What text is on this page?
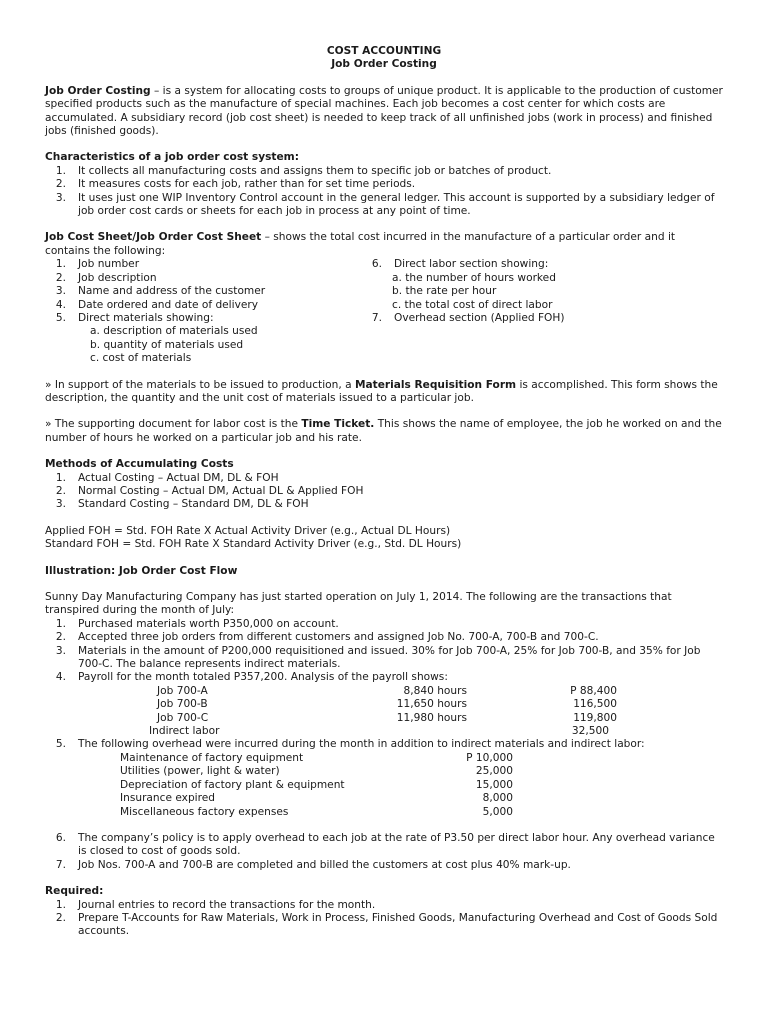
COST ACCOUNTING
Job Order Costing
Job Order Costing – is a system for allocating costs to groups of unique product. It is applicable to the production of customer specified products such as the manufacture of special machines. Each job becomes a cost center for which costs are accumulated. A subsidiary record (job cost sheet) is needed to keep track of all unfinished jobs (work in process) and finished jobs (finished goods).
Characteristics of a job order cost system:
1.	It collects all manufacturing costs and assigns them to specific job or batches of product.
2.	It measures costs for each job, rather than for set time periods.
3.	It uses just one WIP Inventory Control account in the general ledger. This account is supported by a subsidiary ledger of job order cost cards or sheets for each job in process at any point of time.
Job Cost Sheet/Job Order Cost Sheet – shows the total cost incurred in the manufacture of a particular order and it contains the following:
1.	Job number
2.	Job description
3.	Name and address of the customer
4.	Date ordered and date of delivery
5.	Direct materials showing:
a. description of materials used
b. quantity of materials used
c. cost of materials
6.	Direct labor section showing:
a. the number of hours worked
b. the rate per hour
c. the total cost of direct labor
7.	Overhead section (Applied FOH)
» In support of the materials to be issued to production, a Materials Requisition Form is accomplished. This form shows the description, the quantity and the unit cost of materials issued to a particular job.
» The supporting document for labor cost is the Time Ticket. This shows the name of employee, the job he worked on and the number of hours he worked on a particular job and his rate.
Methods of Accumulating Costs
1.	Actual Costing – Actual DM, DL & FOH
2.	Normal Costing – Actual DM, Actual DL & Applied FOH
3.	Standard Costing – Standard DM, DL & FOH
Applied FOH = Std. FOH Rate X Actual Activity Driver (e.g., Actual DL Hours)
Standard FOH = Std. FOH Rate X Standard Activity Driver (e.g., Std. DL Hours)
Illustration: Job Order Cost Flow
Sunny Day Manufacturing Company has just started operation on July 1, 2014. The following are the transactions that transpired during the month of July:
1.	Purchased materials worth P350,000 on account.
2.	Accepted three job orders from different customers and assigned Job No. 700-A, 700-B and 700-C.
3.	Materials in the amount of P200,000 requisitioned and issued. 30% for Job 700-A, 25% for Job 700-B, and 35% for Job 700-C. The balance represents indirect materials.
4.	Payroll for the month totaled P357,200. Analysis of the payroll shows:
Job 700-A	8,840 hours	P 88,400
Job 700-B	11,650 hours	116,500
Job 700-C	11,980 hours	119,800
Indirect labor	32,500
5.	The following overhead were incurred during the month in addition to indirect materials and indirect labor:
Maintenance of factory equipment	P 10,000
Utilities (power, light & water)	25,000
Depreciation of factory plant & equipment	15,000
Insurance expired	8,000
Miscellaneous factory expenses	5,000
6.	The company’s policy is to apply overhead to each job at the rate of P3.50 per direct labor hour. Any overhead variance is closed to cost of goods sold.
7.	Job Nos. 700-A and 700-B are completed and billed the customers at cost plus 40% mark-up.
Required:
1.	Journal entries to record the transactions for the month.
2.	Prepare T-Accounts for Raw Materials, Work in Process, Finished Goods, Manufacturing Overhead and Cost of Goods Sold accounts.
